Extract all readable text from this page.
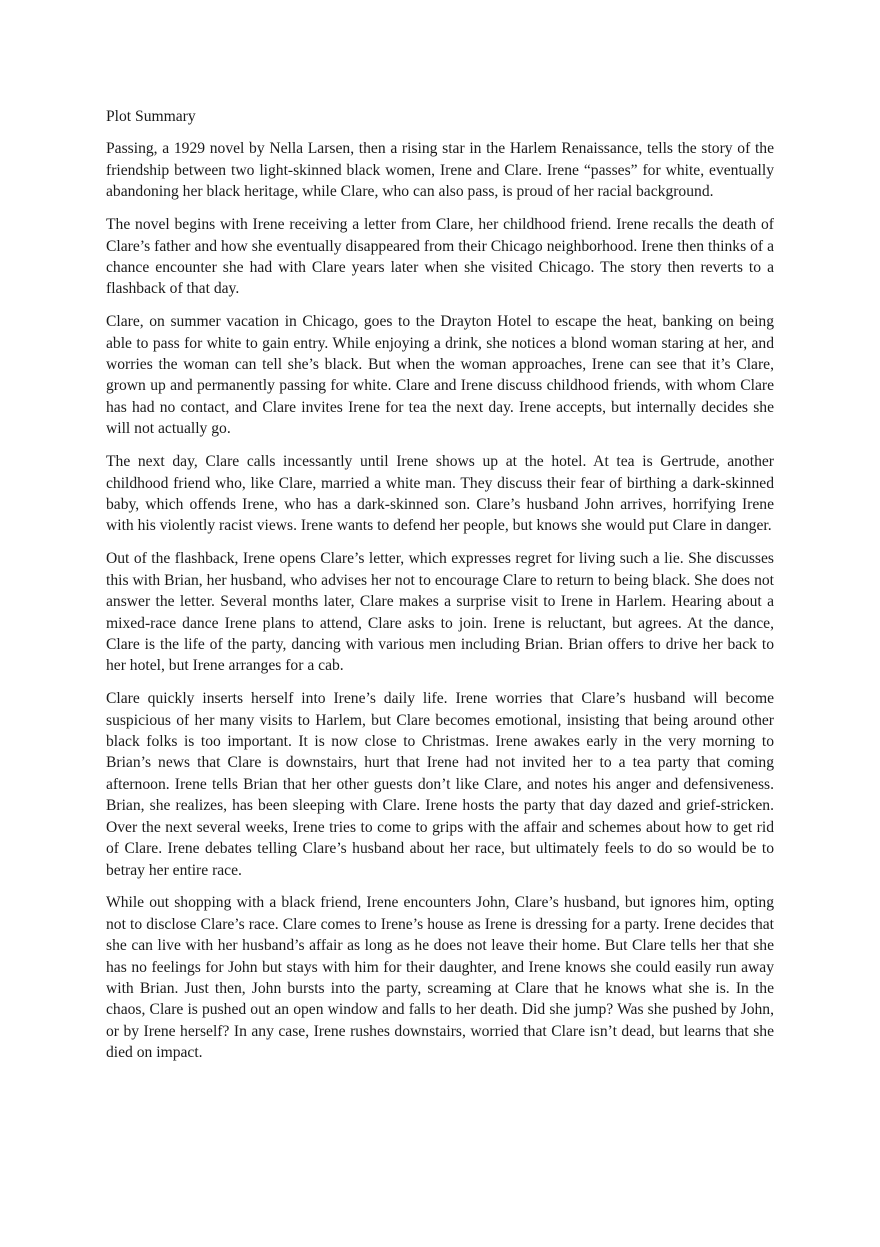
Plot Summary

Passing, a 1929 novel by Nella Larsen, then a rising star in the Harlem Renaissance, tells the story of the friendship between two light-skinned black women, Irene and Clare. Irene “passes” for white, eventually abandoning her black heritage, while Clare, who can also pass, is proud of her racial background.

The novel begins with Irene receiving a letter from Clare, her childhood friend. Irene recalls the death of Clare’s father and how she eventually disappeared from their Chicago neighborhood. Irene then thinks of a chance encounter she had with Clare years later when she visited Chicago. The story then reverts to a flashback of that day.

Clare, on summer vacation in Chicago, goes to the Drayton Hotel to escape the heat, banking on being able to pass for white to gain entry. While enjoying a drink, she notices a blond woman staring at her, and worries the woman can tell she’s black. But when the woman approaches, Irene can see that it’s Clare, grown up and permanently passing for white. Clare and Irene discuss childhood friends, with whom Clare has had no contact, and Clare invites Irene for tea the next day. Irene accepts, but internally decides she will not actually go.

The next day, Clare calls incessantly until Irene shows up at the hotel. At tea is Gertrude, another childhood friend who, like Clare, married a white man. They discuss their fear of birthing a dark-skinned baby, which offends Irene, who has a dark-skinned son. Clare’s husband John arrives, horrifying Irene with his violently racist views. Irene wants to defend her people, but knows she would put Clare in danger.

Out of the flashback, Irene opens Clare’s letter, which expresses regret for living such a lie. She discusses this with Brian, her husband, who advises her not to encourage Clare to return to being black. She does not answer the letter. Several months later, Clare makes a surprise visit to Irene in Harlem. Hearing about a mixed-race dance Irene plans to attend, Clare asks to join. Irene is reluctant, but agrees. At the dance, Clare is the life of the party, dancing with various men including Brian. Brian offers to drive her back to her hotel, but Irene arranges for a cab.

Clare quickly inserts herself into Irene’s daily life. Irene worries that Clare’s husband will become suspicious of her many visits to Harlem, but Clare becomes emotional, insisting that being around other black folks is too important. It is now close to Christmas. Irene awakes early in the very morning to Brian’s news that Clare is downstairs, hurt that Irene had not invited her to a tea party that coming afternoon. Irene tells Brian that her other guests don’t like Clare, and notes his anger and defensiveness. Brian, she realizes, has been sleeping with Clare. Irene hosts the party that day dazed and grief-stricken. Over the next several weeks, Irene tries to come to grips with the affair and schemes about how to get rid of Clare. Irene debates telling Clare’s husband about her race, but ultimately feels to do so would be to betray her entire race.

While out shopping with a black friend, Irene encounters John, Clare’s husband, but ignores him, opting not to disclose Clare’s race. Clare comes to Irene’s house as Irene is dressing for a party. Irene decides that she can live with her husband’s affair as long as he does not leave their home. But Clare tells her that she has no feelings for John but stays with him for their daughter, and Irene knows she could easily run away with Brian. Just then, John bursts into the party, screaming at Clare that he knows what she is. In the chaos, Clare is pushed out an open window and falls to her death. Did she jump? Was she pushed by John, or by Irene herself? In any case, Irene rushes downstairs, worried that Clare isn’t dead, but learns that she died on impact.
